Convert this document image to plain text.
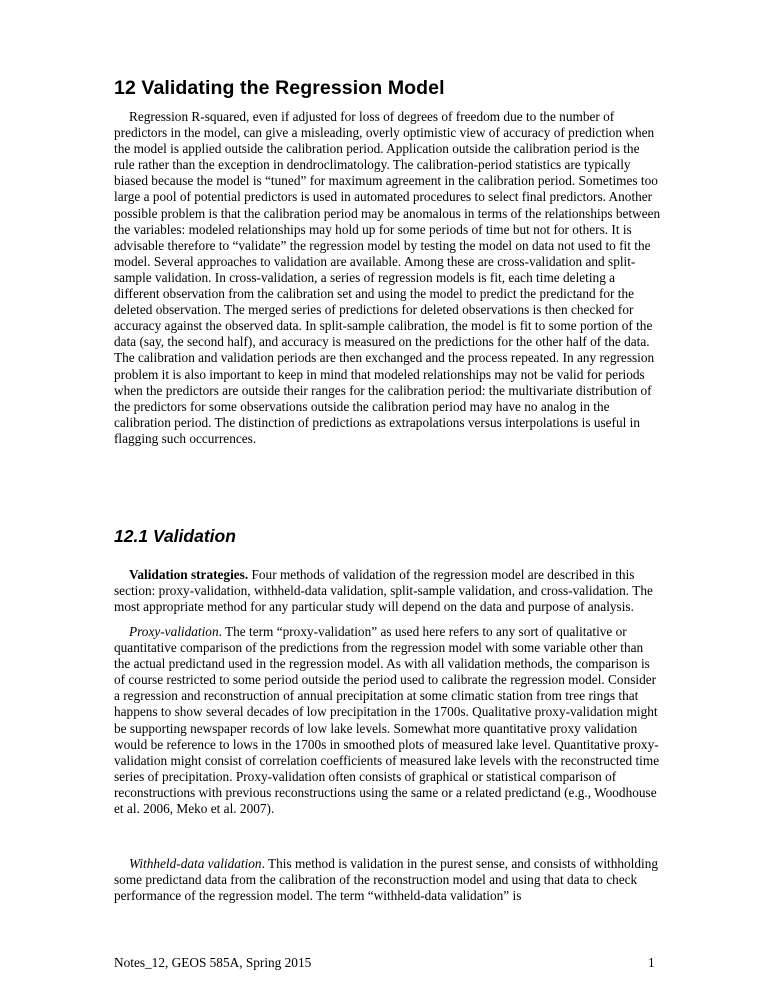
12 Validating the Regression Model

Regression R-squared, even if adjusted for loss of degrees of freedom due to the number of predictors in the model, can give a misleading, overly optimistic view of accuracy of prediction when the model is applied outside the calibration period. Application outside the calibration period is the rule rather than the exception in dendroclimatology. The calibration-period statistics are typically biased because the model is “tuned” for maximum agreement in the calibration period. Sometimes too large a pool of potential predictors is used in automated procedures to select final predictors. Another possible problem is that the calibration period may be anomalous in terms of the relationships between the variables: modeled relationships may hold up for some periods of time but not for others. It is advisable therefore to “validate” the regression model by testing the model on data not used to fit the model. Several approaches to validation are available. Among these are cross-validation and split-sample validation. In cross-validation, a series of regression models is fit, each time deleting a different observation from the calibration set and using the model to predict the predictand for the deleted observation. The merged series of predictions for deleted observations is then checked for accuracy against the observed data. In split-sample calibration, the model is fit to some portion of the data (say, the second half), and accuracy is measured on the predictions for the other half of the data. The calibration and validation periods are then exchanged and the process repeated. In any regression problem it is also important to keep in mind that modeled relationships may not be valid for periods when the predictors are outside their ranges for the calibration period: the multivariate distribution of the predictors for some observations outside the calibration period may have no analog in the calibration period. The distinction of predictions as extrapolations versus interpolations is useful in flagging such occurrences.

12.1 Validation

Validation strategies. Four methods of validation of the regression model are described in this section: proxy-validation, withheld-data validation, split-sample validation, and cross-validation. The most appropriate method for any particular study will depend on the data and purpose of analysis.

Proxy-validation. The term “proxy-validation” as used here refers to any sort of qualitative or quantitative comparison of the predictions from the regression model with some variable other than the actual predictand used in the regression model. As with all validation methods, the comparison is of course restricted to some period outside the period used to calibrate the regression model. Consider a regression and reconstruction of annual precipitation at some climatic station from tree rings that happens to show several decades of low precipitation in the 1700s. Qualitative proxy-validation might be supporting newspaper records of low lake levels. Somewhat more quantitative proxy validation would be reference to lows in the 1700s in smoothed plots of measured lake level. Quantitative proxy-validation might consist of correlation coefficients of measured lake levels with the reconstructed time series of precipitation. Proxy-validation often consists of graphical or statistical comparison of reconstructions with previous reconstructions using the same or a related predictand (e.g., Woodhouse et al. 2006, Meko et al. 2007).

Withheld-data validation. This method is validation in the purest sense, and consists of withholding some predictand data from the calibration of the reconstruction model and using that data to check performance of the regression model. The term “withheld-data validation” is

Notes_12, GEOS 585A, Spring 2015	1
